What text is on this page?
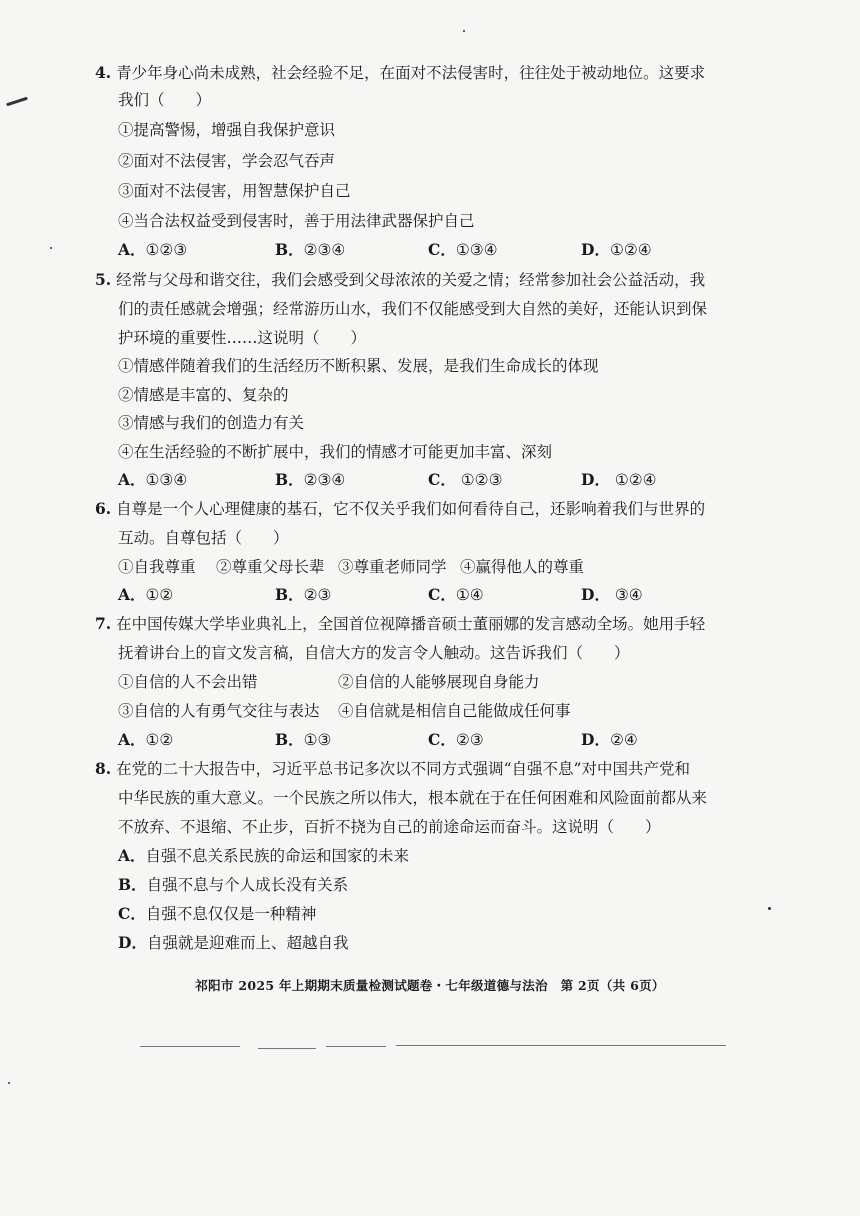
4. 青少年身心尚未成熟，社会经验不足，在面对不法侵害时，往往处于被动地位。这要求
我们（　　）
①提高警惕，增强自我保护意识
②面对不法侵害，学会忍气吞声
③面对不法侵害，用智慧保护自己
④当合法权益受到侵害时，善于用法律武器保护自己
A．①②③	B．②③④	C．①③④	D．①②④
5. 经常与父母和谐交往，我们会感受到父母浓浓的关爱之情；经常参加社会公益活动，我
们的责任感就会增强；经常游历山水，我们不仅能感受到大自然的美好，还能认识到保
护环境的重要性……这说明（　　）
①情感伴随着我们的生活经历不断积累、发展，是我们生命成长的体现
②情感是丰富的、复杂的
③情感与我们的创造力有关
④在生活经验的不断扩展中，我们的情感才可能更加丰富、深刻
A．①③④	B．②③④	C． ①②③	D． ①②④
6. 自尊是一个人心理健康的基石，它不仅关乎我们如何看待自己，还影响着我们与世界的
互动。自尊包括（　　）
①自我尊重 ②尊重父母长辈 ③尊重老师同学 ④赢得他人的尊重
A．①②	B．②③	C．①④	D． ③④
7. 在中国传媒大学毕业典礼上，全国首位视障播音硕士董丽娜的发言感动全场。她用手轻
抚着讲台上的盲文发言稿，自信大方的发言令人触动。这告诉我们（　　）
①自信的人不会出错	②自信的人能够展现自身能力
③自信的人有勇气交往与表达 ④自信就是相信自己能做成任何事
A．①②	B．①③	C．②③	D．②④
8. 在党的二十大报告中，习近平总书记多次以不同方式强调“自强不息”对中国共产党和
中华民族的重大意义。一个民族之所以伟大，根本就在于在任何困难和风险面前都从来
不放弃、不退缩、不止步，百折不挠为自己的前途命运而奋斗。这说明（　　）
A．自强不息关系民族的命运和国家的未来
B．自强不息与个人成长没有关系
C．自强不息仅仅是一种精神
D．自强就是迎难而上、超越自我
祁阳市 2025 年上期期末质量检测试题卷・七年级道德与法治　第 2页（共 6页）
